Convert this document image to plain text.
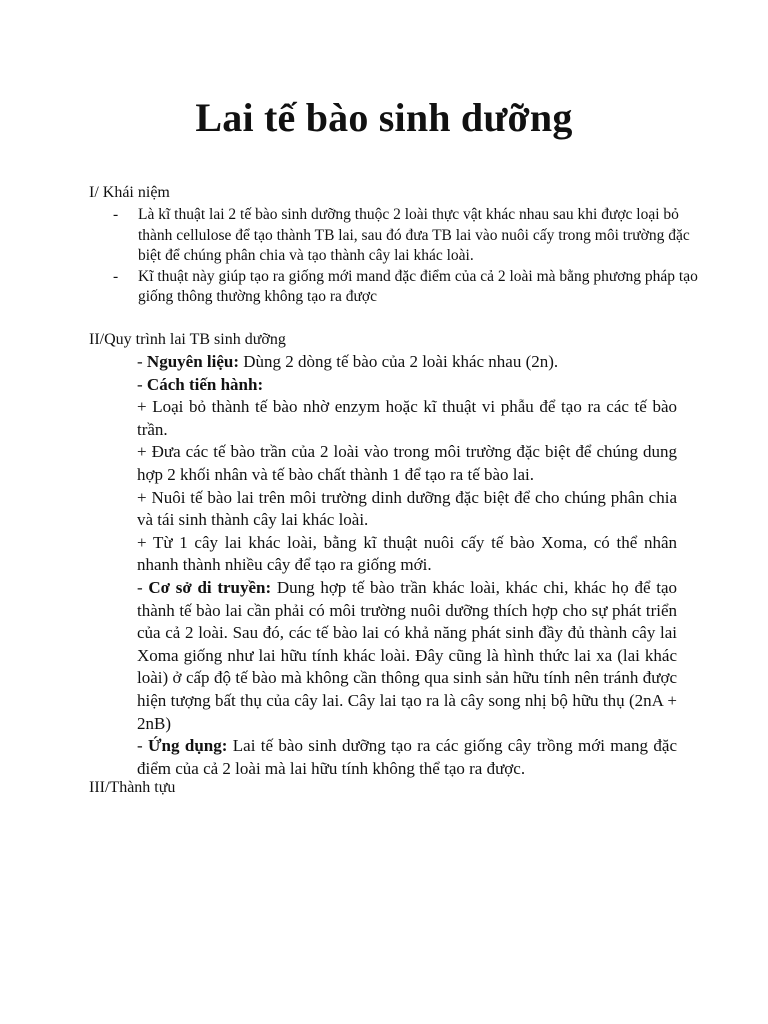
Lai tế bào sinh dưỡng
I/ Khái niệm
- Là kĩ thuật lai 2 tế bào sinh dưỡng thuộc 2 loài thực vật khác nhau sau khi được loại bỏ thành cellulose để tạo thành TB lai, sau đó đưa TB lai vào nuôi cấy trong môi trường đặc biệt để chúng phân chia và tạo thành cây lai khác loài.
- Kĩ thuật này giúp tạo ra giống mới mand đặc điểm của cả 2 loài mà bằng phương pháp tạo giống thông thường không tạo ra được
II/Quy trình lai TB sinh dưỡng

- Nguyên liệu: Dùng 2 dòng tế bào của 2 loài khác nhau (2n).

- Cách tiến hành:

+ Loại bỏ thành tế bào nhờ enzym hoặc kĩ thuật vi phẫu để tạo ra các tế bào trần.

+ Đưa các tế bào trần của 2 loài vào trong môi trường đặc biệt để chúng dung hợp 2 khối nhân và tế bào chất thành 1 để tạo ra tế bào lai.

+ Nuôi tế bào lai trên môi trường dinh dưỡng đặc biệt để cho chúng phân chia và tái sinh thành cây lai khác loài.

+ Từ 1 cây lai khác loài, bằng kĩ thuật nuôi cấy tế bào Xoma, có thể nhân nhanh thành nhiều cây để tạo ra giống mới.

- Cơ sở di truyền: Dung hợp tế bào trần khác loài, khác chi, khác họ để tạo thành tế bào lai cần phải có môi trường nuôi dưỡng thích hợp cho sự phát triển của cả 2 loài. Sau đó, các tế bào lai có khả năng phát sinh đầy đủ thành cây lai Xoma giống như lai hữu tính khác loài. Đây cũng là hình thức lai xa (lai khác loài) ở cấp độ tế bào mà không cần thông qua sinh sản hữu tính nên tránh được hiện tượng bất thụ của cây lai. Cây lai tạo ra là cây song nhị bộ hữu thụ (2nA + 2nB)

- Ứng dụng: Lai tế bào sinh dưỡng tạo ra các giống cây trồng mới mang đặc điểm của cả 2 loài mà lai hữu tính không thể tạo ra được.

III/Thành tựu
